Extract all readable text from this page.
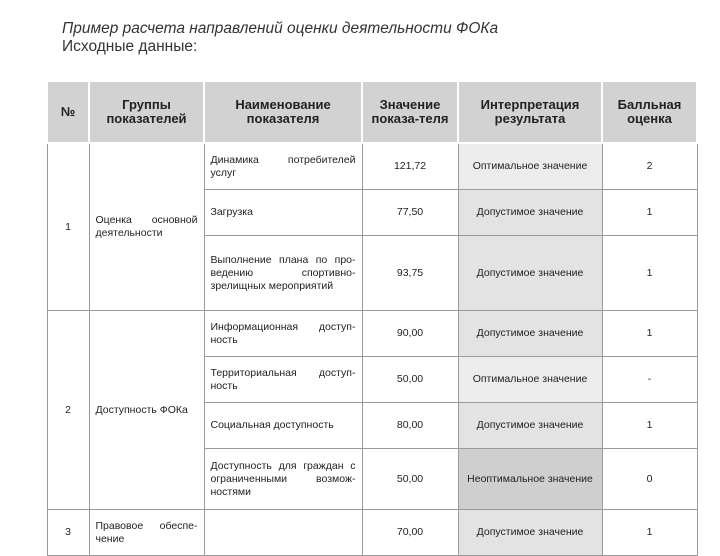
Пример расчета направлений оценки деятельности ФОКа
Исходные данные:
№	Группы показателей	Наименование показателя	Значение показа-теля	Интерпретация результата	Балльная оценка
1	Оценка основной деятельности	Динамика потребителей услуг	121,72	Оптимальное значение	2
		Загрузка	77,50	Допустимое значение	1
		Выполнение плана по про-ведению спортивно-зрелищных мероприятий	93,75	Допустимое значение	1
2	Доступность ФОКа	Информационная доступ-ность	90,00	Допустимое значение	1
		Территориальная доступ-ность	50,00	Оптимальное значение	-
		Социальная доступность	80,00	Допустимое значение	1
		Доступность для граждан с ограниченными возмож-ностями	50,00	Неоптимальное значение	0
3	Правовое обеспе-чение		70,00	Допустимое значение	1
